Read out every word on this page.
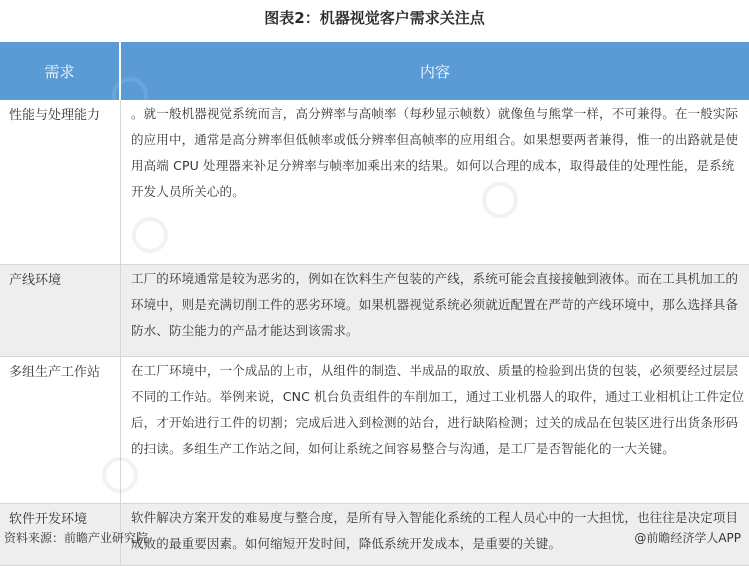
图表2：机器视觉客户需求关注点
需求	内容
性能与处理能力	。就一般机器视觉系统而言，高分辨率与高帧率（每秒显示帧数）就像鱼与熊掌一样，不可兼得。在一般实际的应用中，通常是高分辨率但低帧率或低分辨率但高帧率的应用组合。如果想要两者兼得，惟一的出路就是使用高端 CPU 处理器来补足分辨率与帧率加乘出来的结果。如何以合理的成本，取得最佳的处理性能，是系统开发人员所关心的。
产线环境	工厂的环境通常是较为恶劣的，例如在饮料生产包装的产线，系统可能会直接接触到液体。而在工具机加工的环境中，则是充满切削工件的恶劣环境。如果机器视觉系统必须就近配置在严苛的产线环境中，那么选择具备防水、防尘能力的产品才能达到该需求。
多组生产工作站	在工厂环境中，一个成品的上市，从组件的制造、半成品的取放、质量的检验到出货的包装，必须要经过层层不同的工作站。举例来说，CNC 机台负责组件的车削加工，通过工业机器人的取件，通过工业相机让工件定位后，才开始进行工件的切割；完成后进入到检测的站台，进行缺陷检测；过关的成品在包装区进行出货条形码的扫读。多组生产工作站之间，如何让系统之间容易整合与沟通，是工厂是否智能化的一大关键。
软件开发环境	软件解决方案开发的难易度与整合度，是所有导入智能化系统的工程人员心中的一大担忧，也往往是决定项目成败的最重要因素。如何缩短开发时间，降低系统开发成本，是重要的关键。
资料来源：前瞻产业研究院	@前瞻经济学人APP
